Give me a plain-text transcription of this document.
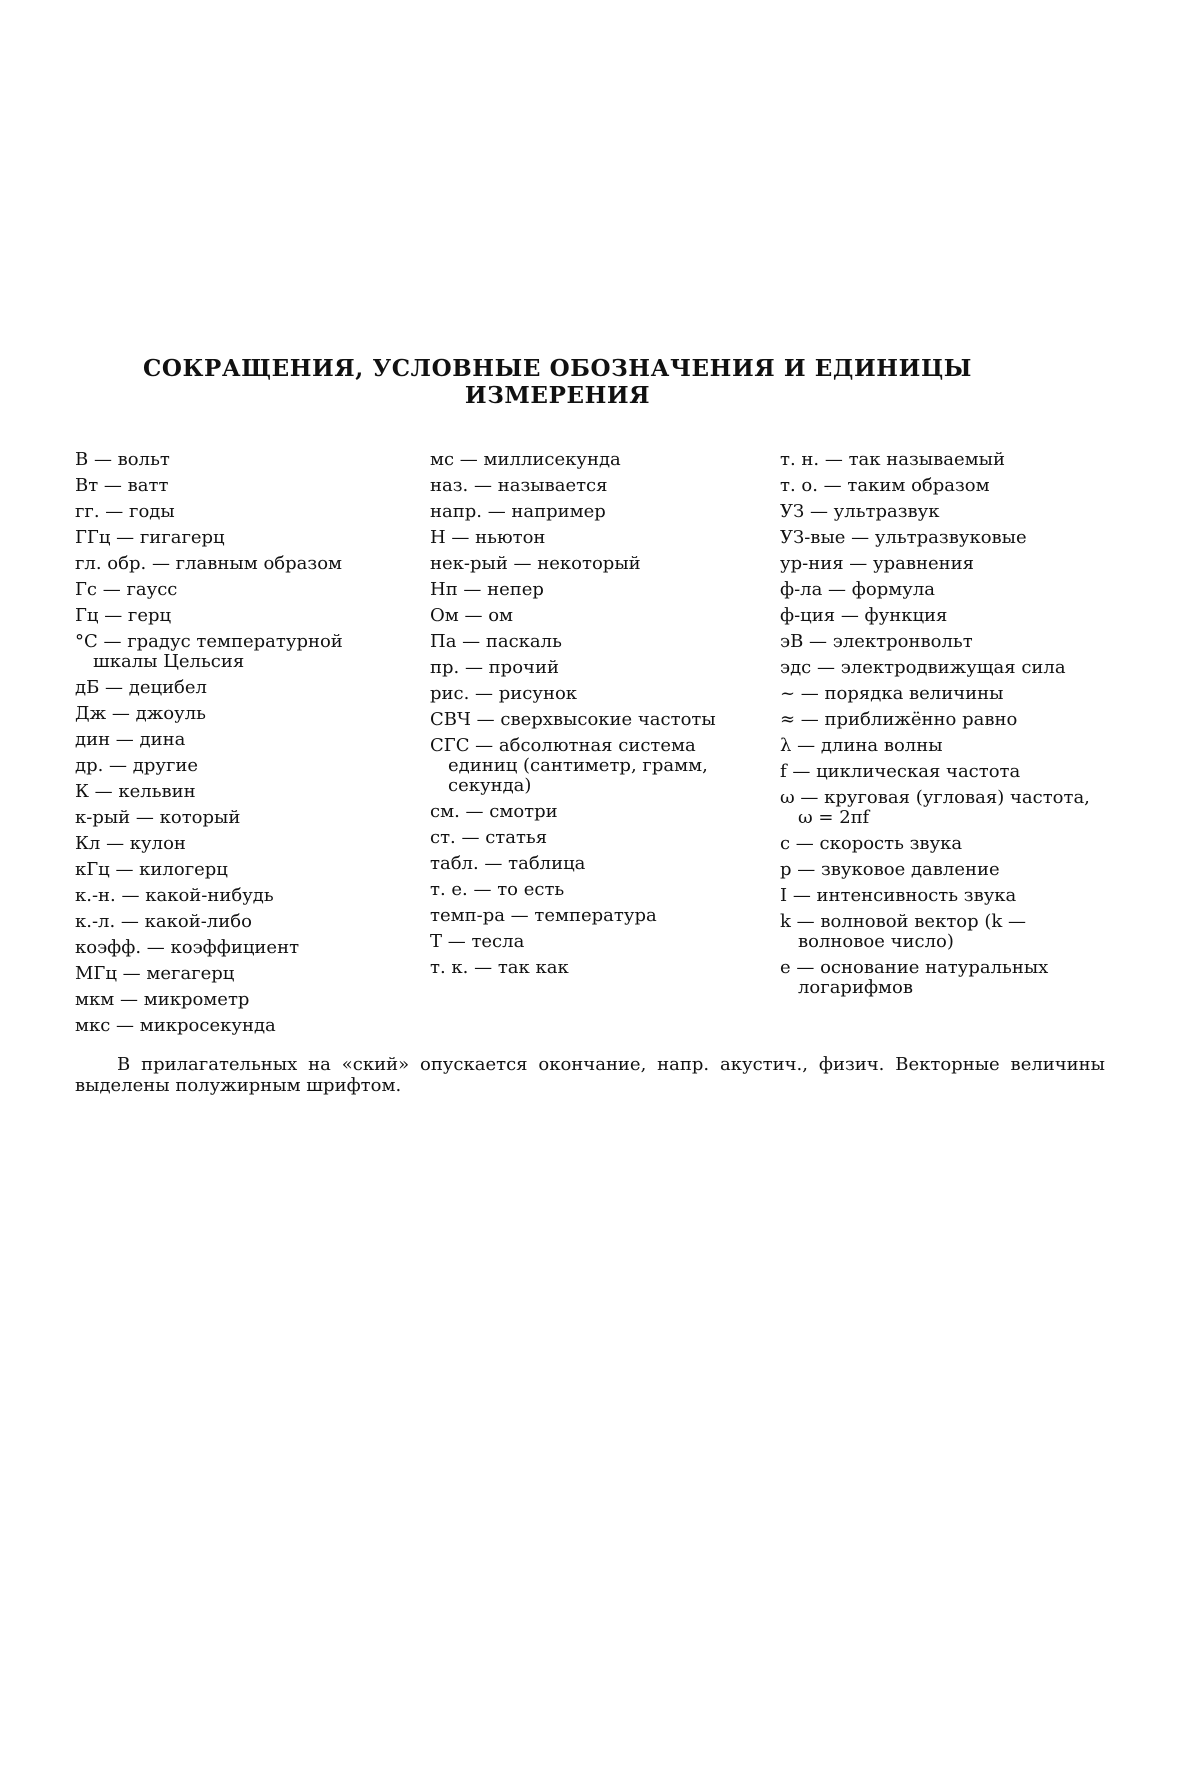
СОКРАЩЕНИЯ, УСЛОВНЫЕ ОБОЗНАЧЕНИЯ И ЕДИНИЦЫ
ИЗМЕРЕНИЯ
В — вольт
Вт — ватт
гг. — годы
ГГц — гигагерц
гл. обр. — главным образом
Гс — гаусс
Гц — герц
°С — градус температурной шкалы Цельсия
дБ — децибел
Дж — джоуль
дин — дина
др. — другие
К — кельвин
к-рый — который
Кл — кулон
кГц — килогерц
к.-н. — какой-нибудь
к.-л. — какой-либо
коэфф. — коэффициент
МГц — мегагерц
мкм — микрометр
мкс — микросекунда
мс — миллисекунда
наз. — называется
напр. — например
Н — ньютон
нек-рый — некоторый
Нп — непер
Ом — ом
Па — паскаль
пр. — прочий
рис. — рисунок
СВЧ — сверхвысокие частоты
СГС — абсолютная система единиц (сантиметр, грамм, секунда)
см. — смотри
ст. — статья
табл. — таблица
т. е. — то есть
темп-ра — температура
Т — тесла
т. к. — так как
т. н. — так называемый
т. о. — таким образом
УЗ — ультразвук
УЗ-вые — ультразвуковые
ур-ния — уравнения
ф-ла — формула
ф-ция — функция
эВ — электронвольт
эдс — электродвижущая сила
~ — порядка величины
≈ — приближённо равно
λ — длина волны
f — циклическая частота
ω — круговая (угловая) частота, ω = 2πf
c — скорость звука
p — звуковое давление
I — интенсивность звука
k — волновой вектор (k — волновое число)
e — основание натуральных логарифмов
В прилагательных на «ский» опускается окончание, напр. акустич., физич. Векторные величины выделены полужирным шрифтом.
